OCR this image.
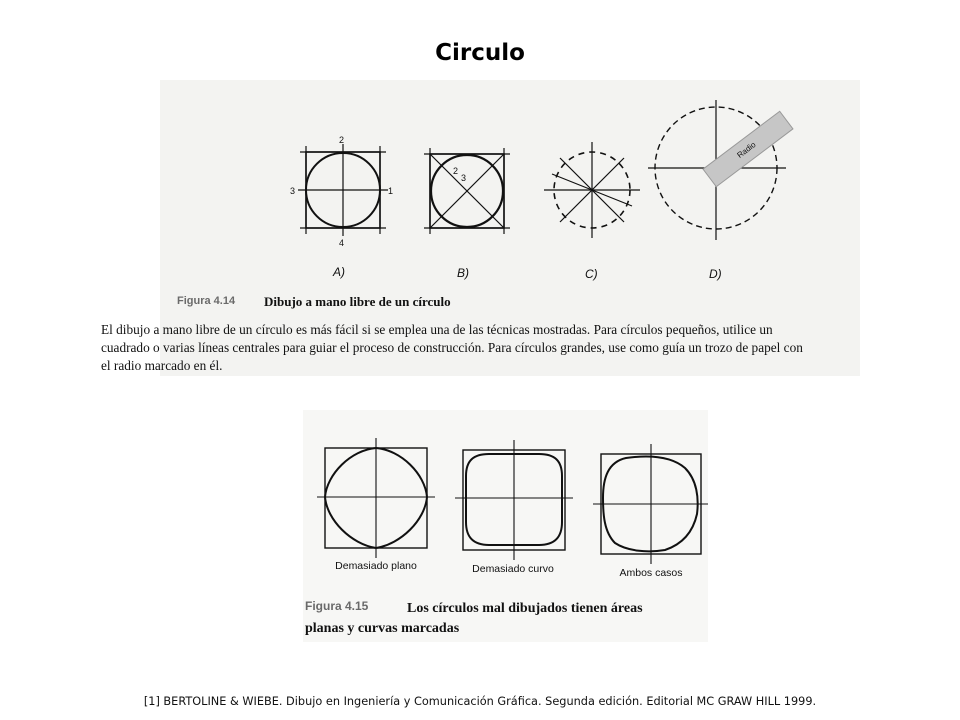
Circulo
2
3	1
4
2
3
Radio
A)	B)	C)	D)
Figura 4.14 Dibujo a mano libre de un círculo
El dibujo a mano libre de un círculo es más fácil si se emplea una de las técnicas mostradas. Para círculos pequeños, utilice un
cuadrado o varias líneas centrales para guiar el proceso de construcción. Para círculos grandes, use como guía un trozo de papel con
el radio marcado en él.
Demasiado plano	Demasiado curvo	Ambos casos
Figura 4.15	Los círculos mal dibujados tienen áreas
planas y curvas marcadas
[1] BERTOLINE & WIEBE. Dibujo en Ingeniería y Comunicación Gráfica. Segunda edición. Editorial MC GRAW HILL 1999.
